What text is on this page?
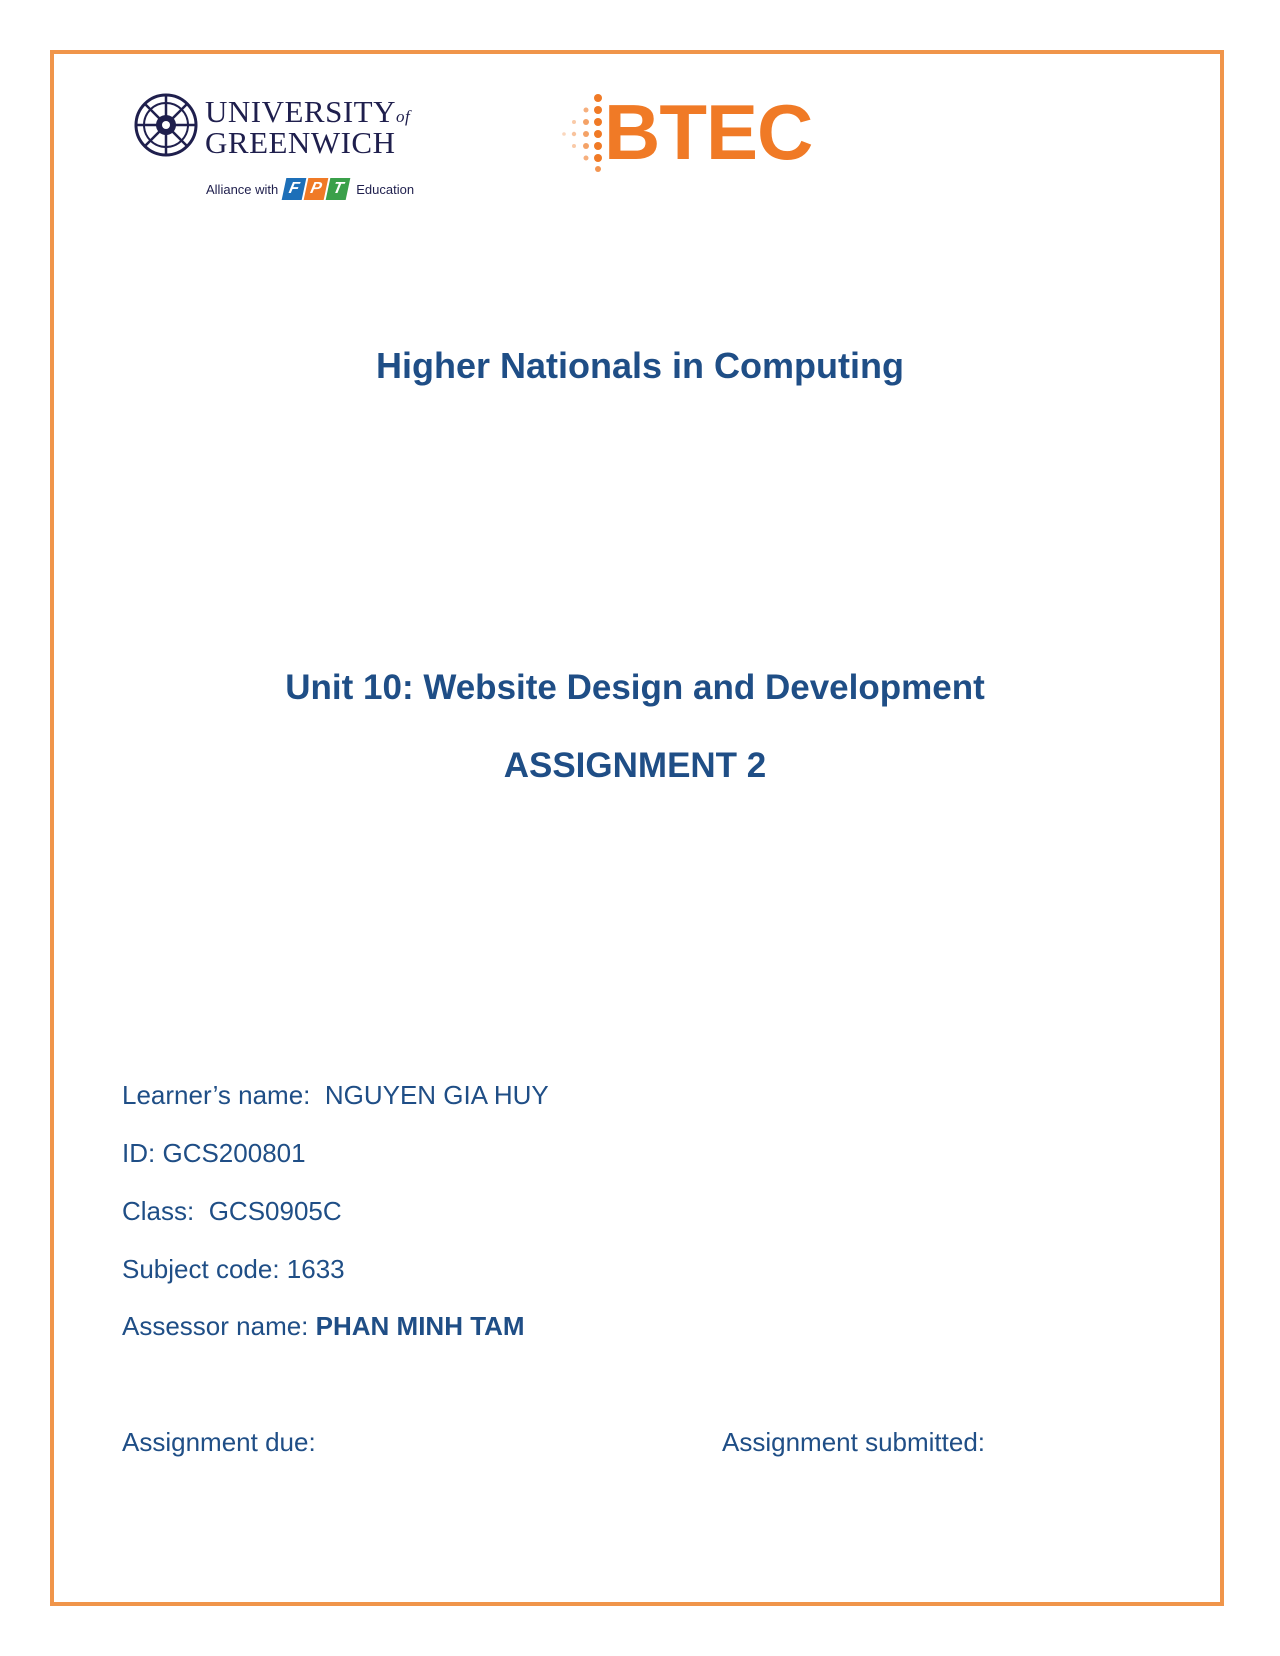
UNIVERSITYof
GREENWICH
Alliance with F P T Education
BTEC
Higher Nationals in Computing
Unit 10: Website Design and Development
ASSIGNMENT 2
Learner’s name: NGUYEN GIA HUY
ID: GCS200801
Class: GCS0905C
Subject code: 1633
Assessor name: PHAN MINH TAM
Assignment due:	Assignment submitted:
